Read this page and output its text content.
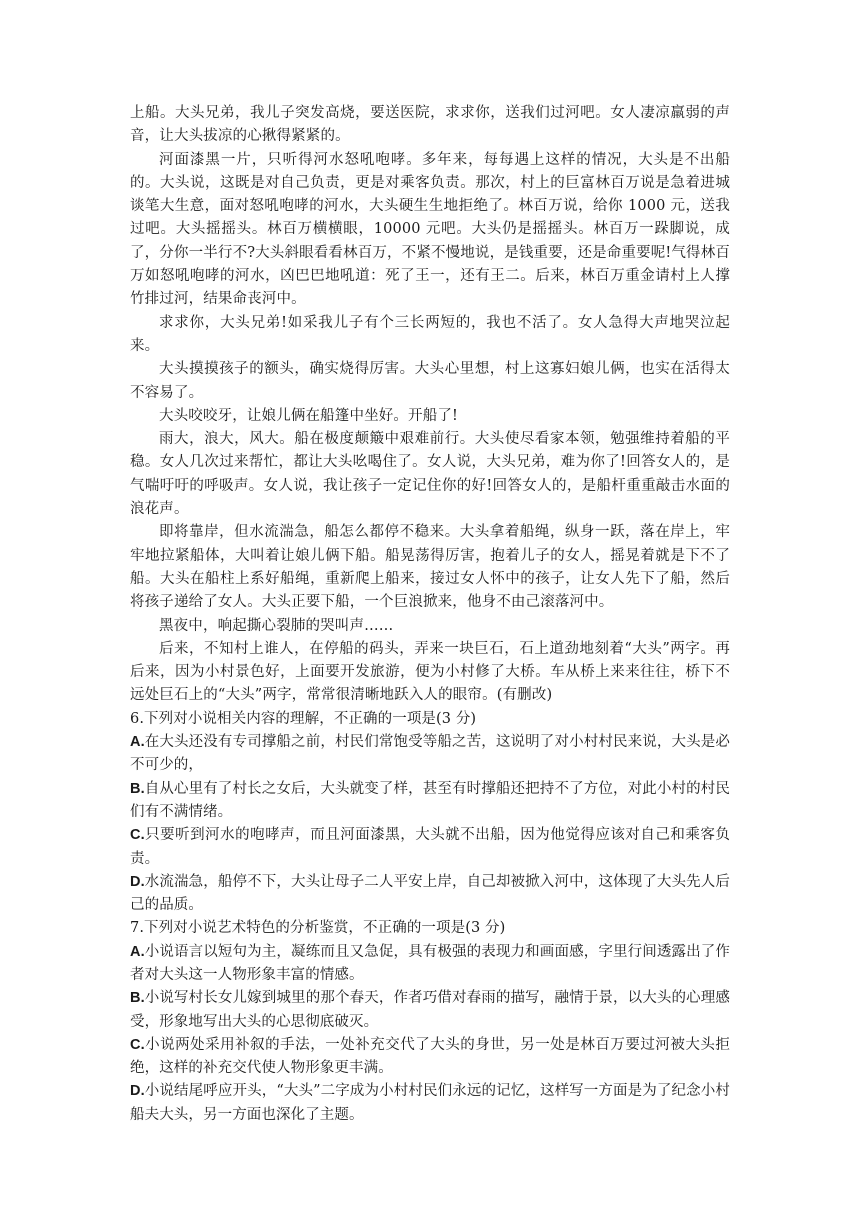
上船。大头兄弟，我儿子突发高烧，要送医院，求求你，送我们过河吧。女人凄凉羸弱的声音，让大头拔凉的心揪得紧紧的。

河面漆黑一片，只听得河水怒吼咆哮。多年来，每每遇上这样的情况，大头是不出船的。大头说，这既是对自己负责，更是对乘客负责。那次，村上的巨富林百万说是急着进城谈笔大生意，面对怒吼咆哮的河水，大头硬生生地拒绝了。林百万说，给你 1000 元，送我过吧。大头摇摇头。林百万横横眼，10000 元吧。大头仍是摇摇头。林百万一跺脚说，成了，分你一半行不?大头斜眼看看林百万，不紧不慢地说，是钱重要，还是命重要呢!气得林百万如怒吼咆哮的河水，凶巴巴地吼道：死了王一，还有王二。后来，林百万重金请村上人撑竹排过河，结果命丧河中。

求求你，大头兄弟!如采我儿子有个三长两短的，我也不活了。女人急得大声地哭泣起来。

大头摸摸孩子的额头，确实烧得厉害。大头心里想，村上这寡妇娘儿俩，也实在活得太不容易了。

大头咬咬牙，让娘儿俩在船篷中坐好。开船了!

雨大，浪大，风大。船在极度颠簸中艰难前行。大头使尽看家本领，勉强维持着船的平稳。女人几次过来帮忙，都让大头吆喝住了。女人说，大头兄弟，难为你了!回答女人的，是气喘吁吁的呼吸声。女人说，我让孩子一定记住你的好!回答女人的，是船杆重重敲击水面的浪花声。

即将靠岸，但水流湍急，船怎么都停不稳来。大头拿着船绳，纵身一跃，落在岸上，牢牢地拉紧船体，大叫着让娘儿俩下船。船晃荡得厉害，抱着儿子的女人，摇晃着就是下不了船。大头在船柱上系好船绳，重新爬上船来，接过女人怀中的孩子，让女人先下了船，然后将孩子递给了女人。大头正要下船，一个巨浪掀来，他身不由己滚落河中。

黑夜中，响起撕心裂肺的哭叫声……

后来，不知村上谁人，在停船的码头，弄来一块巨石，石上道劲地刻着“大头”两字。再后来，因为小村景色好，上面要开发旅游，便为小村修了大桥。车从桥上来来往往，桥下不远处巨石上的“大头”两字，常常很清晰地跃入人的眼帘。(有删改)

6.下列对小说相关内容的理解，不正确的一项是(3 分)

A.在大头还没有专司撑船之前，村民们常饱受等船之苦，这说明了对小村村民来说，大头是必不可少的，

B.自从心里有了村长之女后，大头就变了样，甚至有时撑船还把持不了方位，对此小村的村民们有不满情绪。

C.只要听到河水的咆哮声，而且河面漆黑，大头就不出船，因为他觉得应该对自己和乘客负责。

D.水流湍急，船停不下，大头让母子二人平安上岸，自己却被掀入河中，这体现了大头先人后己的品质。

7.下列对小说艺术特色的分析鉴赏，不正确的一项是(3 分)

A.小说语言以短句为主，凝练而且又急促，具有极强的表现力和画面感，字里行间透露出了作者对大头这一人物形象丰富的情感。

B.小说写村长女儿嫁到城里的那个春天，作者巧借对春雨的描写，融情于景，以大头的心理感受，形象地写出大头的心思彻底破灭。

C.小说两处采用补叙的手法，一处补充交代了大头的身世，另一处是林百万要过河被大头拒绝，这样的补充交代使人物形象更丰满。

D.小说结尾呼应开头，“大头”二字成为小村村民们永远的记忆，这样写一方面是为了纪念小村船夫大头，另一方面也深化了主题。
